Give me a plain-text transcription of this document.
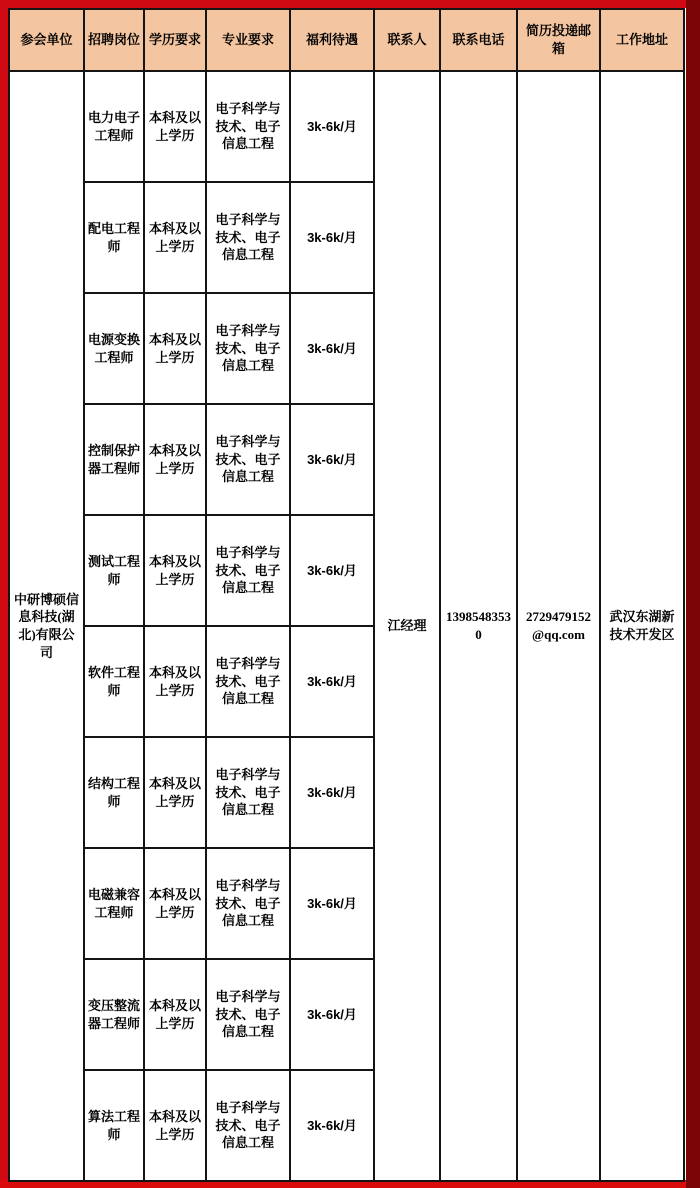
参会单位	招聘岗位	学历要求	专业要求	福利待遇	联系人	联系电话	简历投递邮箱	工作地址
中研博硕信息科技(湖北)有限公司	电力电子工程师	本科及以上学历	电子科学与技术、电子信息工程	3k-6k/月	江经理	13985483530	2729479152@qq.com	武汉东湖新技术开发区
	配电工程师	本科及以上学历	电子科学与技术、电子信息工程	3k-6k/月				
	电源变换工程师	本科及以上学历	电子科学与技术、电子信息工程	3k-6k/月				
	控制保护器工程师	本科及以上学历	电子科学与技术、电子信息工程	3k-6k/月				
	测试工程师	本科及以上学历	电子科学与技术、电子信息工程	3k-6k/月				
	软件工程师	本科及以上学历	电子科学与技术、电子信息工程	3k-6k/月				
	结构工程师	本科及以上学历	电子科学与技术、电子信息工程	3k-6k/月				
	电磁兼容工程师	本科及以上学历	电子科学与技术、电子信息工程	3k-6k/月				
	变压整流器工程师	本科及以上学历	电子科学与技术、电子信息工程	3k-6k/月				
	算法工程师	本科及以上学历	电子科学与技术、电子信息工程	3k-6k/月				
